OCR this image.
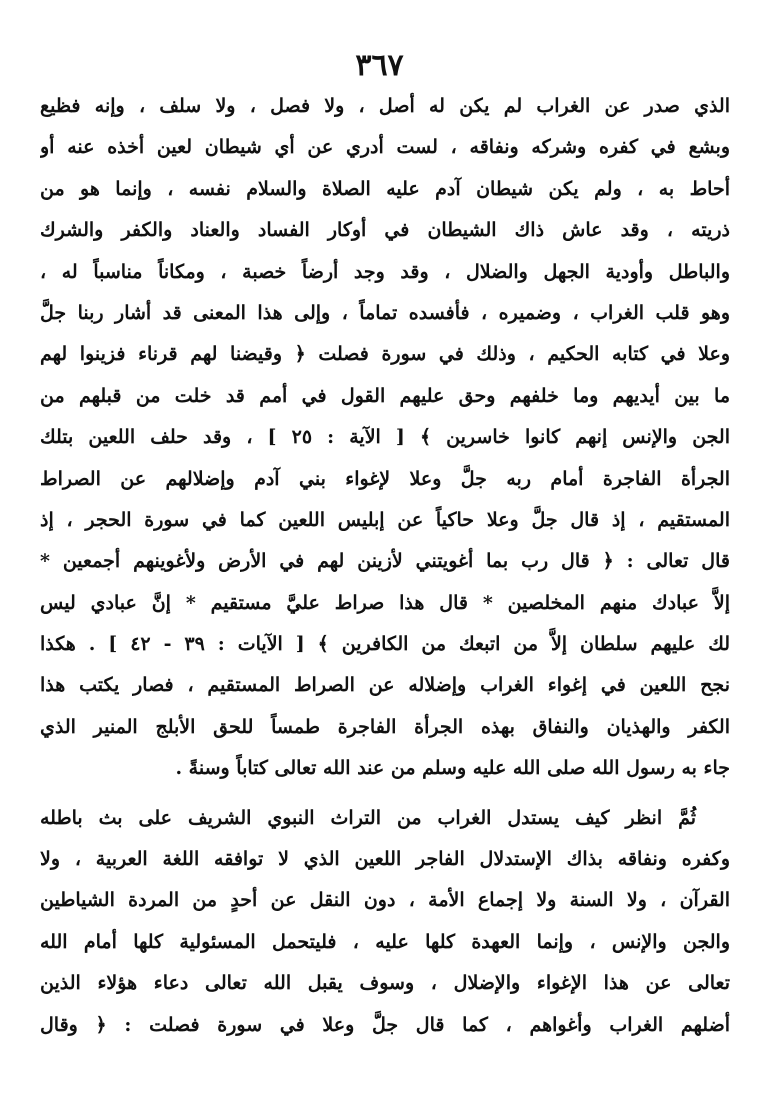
٣٦٧
الذي صدر عن الغراب لم يكن له أصل ، ولا فصل ، ولا سلف ، وإنه فظيع
وبشع في كفره وشركه ونفاقه ، لست أدري عن أي شيطان لعين أخذه عنه أو
أحاط به ، ولم يكن شيطان آدم عليه الصلاة والسلام نفسه ، وإنما هو من
ذريته ، وقد عاش ذاك الشيطان في أوكار الفساد والعناد والكفر والشرك
والباطل وأودية الجهل والضلال ، وقد وجد أرضاً خصبة ، ومكاناً مناسباً له ،
وهو قلب الغراب ، وضميره ، فأفسده تماماً ، وإلى هذا المعنى قد أشار ربنا جلَّ
وعلا في كتابه الحكيم ، وذلك في سورة فصلت ﴿ وقيضنا لهم قرناء فزينوا لهم
ما بين أيديهم وما خلفهم وحق عليهم القول في أمم قد خلت من قبلهم من
الجن والإنس إنهم كانوا خاسرين ﴾ [ الآية : ٢٥ ] ، وقد حلف اللعين بتلك
الجرأة الفاجرة أمام ربه جلَّ وعلا لإغواء بني آدم وإضلالهم عن الصراط
المستقيم ، إذ قال جلَّ وعلا حاكياً عن إبليس اللعين كما في سورة الحجر ، إذ
قال تعالى : ﴿ قال رب بما أغويتني لأزينن لهم في الأرض ولأغوينهم أجمعين *
إلاَّ عبادك منهم المخلصين * قال هذا صراط عليَّ مستقيم * إنَّ عبادي ليس
لك عليهم سلطان إلاَّ من اتبعك من الكافرين ﴾ [ الآيات : ٣٩ - ٤٢ ] . هكذا
نجح اللعين في إغواء الغراب وإضلاله عن الصراط المستقيم ، فصار يكتب هذا
الكفر والهذيان والنفاق بهذه الجرأة الفاجرة طمساً للحق الأبلج المنير الذي
جاء به رسول الله صلى الله عليه وسلم من عند الله تعالى كتاباً وسنةً .
ثُمَّ انظر كيف يستدل الغراب من التراث النبوي الشريف على بث باطله
وكفره ونفاقه بذاك الإستدلال الفاجر اللعين الذي لا توافقه اللغة العربية ، ولا
القرآن ، ولا السنة ولا إجماع الأمة ، دون النقل عن أحدٍ من المردة الشياطين
والجن والإنس ، وإنما العهدة كلها عليه ، فليتحمل المسئولية كلها أمام الله
تعالى عن هذا الإغواء والإضلال ، وسوف يقبل الله تعالى دعاء هؤلاء الذين
أضلهم الغراب وأغواهم ، كما قال جلَّ وعلا في سورة فصلت : ﴿ وقال
